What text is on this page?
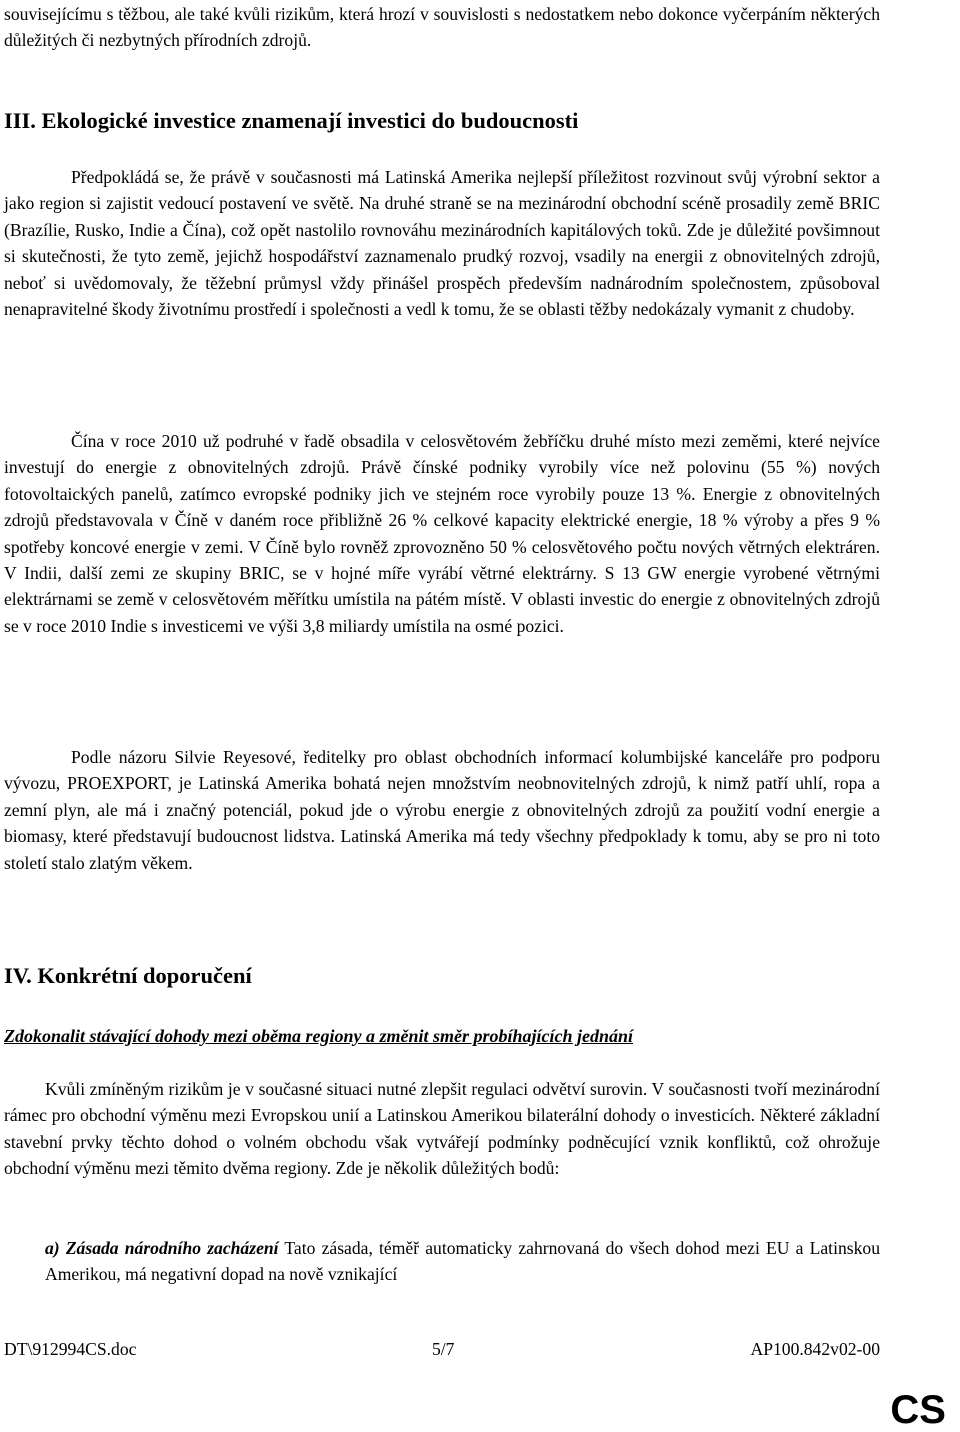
souvisejícímu s těžbou, ale také kvůli rizikům, která hrozí v souvislosti s nedostatkem nebo dokonce vyčerpáním některých důležitých či nezbytných přírodních zdrojů.

III. Ekologické investice znamenají investici do budoucnosti

Předpokládá se, že právě v současnosti má Latinská Amerika nejlepší příležitost rozvinout svůj výrobní sektor a jako region si zajistit vedoucí postavení ve světě. Na druhé straně se na mezinárodní obchodní scéně prosadily země BRIC (Brazílie, Rusko, Indie a Čína), což opět nastolilo rovnováhu mezinárodních kapitálových toků. Zde je důležité povšimnout si skutečnosti, že tyto země, jejichž hospodářství zaznamenalo prudký rozvoj, vsadily na energii z obnovitelných zdrojů, neboť si uvědomovaly, že těžební průmysl vždy přinášel prospěch především nadnárodním společnostem, způsoboval nenapravitelné škody životnímu prostředí i společnosti a vedl k tomu, že se oblasti těžby nedokázaly vymanit z chudoby.

Čína v roce 2010 už podruhé v řadě obsadila v celosvětovém žebříčku druhé místo mezi zeměmi, které nejvíce investují do energie z obnovitelných zdrojů. Právě čínské podniky vyrobily více než polovinu (55 %) nových fotovoltaických panelů, zatímco evropské podniky jich ve stejném roce vyrobily pouze 13 %. Energie z obnovitelných zdrojů představovala v Číně v daném roce přibližně 26 % celkové kapacity elektrické energie, 18 % výroby a přes 9 % spotřeby koncové energie v zemi. V Číně bylo rovněž zprovozněno 50 % celosvětového počtu nových větrných elektráren. V Indii, další zemi ze skupiny BRIC, se v hojné míře vyrábí větrné elektrárny. S 13 GW energie vyrobené větrnými elektrárnami se země v celosvětovém měřítku umístila na pátém místě. V oblasti investic do energie z obnovitelných zdrojů se v roce 2010 Indie s investicemi ve výši 3,8 miliardy umístila na osmé pozici.

Podle názoru Silvie Reyesové, ředitelky pro oblast obchodních informací kolumbijské kanceláře pro podporu vývozu, PROEXPORT, je Latinská Amerika bohatá nejen množstvím neobnovitelných zdrojů, k nimž patří uhlí, ropa a zemní plyn, ale má i značný potenciál, pokud jde o výrobu energie z obnovitelných zdrojů za použití vodní energie a biomasy, které představují budoucnost lidstva. Latinská Amerika má tedy všechny předpoklady k tomu, aby se pro ni toto století stalo zlatým věkem.

IV. Konkrétní doporučení
Zdokonalit stávající dohody mezi oběma regiony a změnit směr probíhajících jednání

Kvůli zmíněným rizikům je v současné situaci nutné zlepšit regulaci odvětví surovin. V současnosti tvoří mezinárodní rámec pro obchodní výměnu mezi Evropskou unií a Latinskou Amerikou bilaterální dohody o investicích. Některé základní stavební prvky těchto dohod o volném obchodu však vytvářejí podmínky podněcující vznik konfliktů, což ohrožuje obchodní výměnu mezi těmito dvěma regiony. Zde je několik důležitých bodů:

a) Zásada národního zacházení Tato zásada, téměř automaticky zahrnovaná do všech dohod mezi EU a Latinskou Amerikou, má negativní dopad na nově vznikající

DT\912994CS.doc	5/7	AP100.842v02-00
CS
